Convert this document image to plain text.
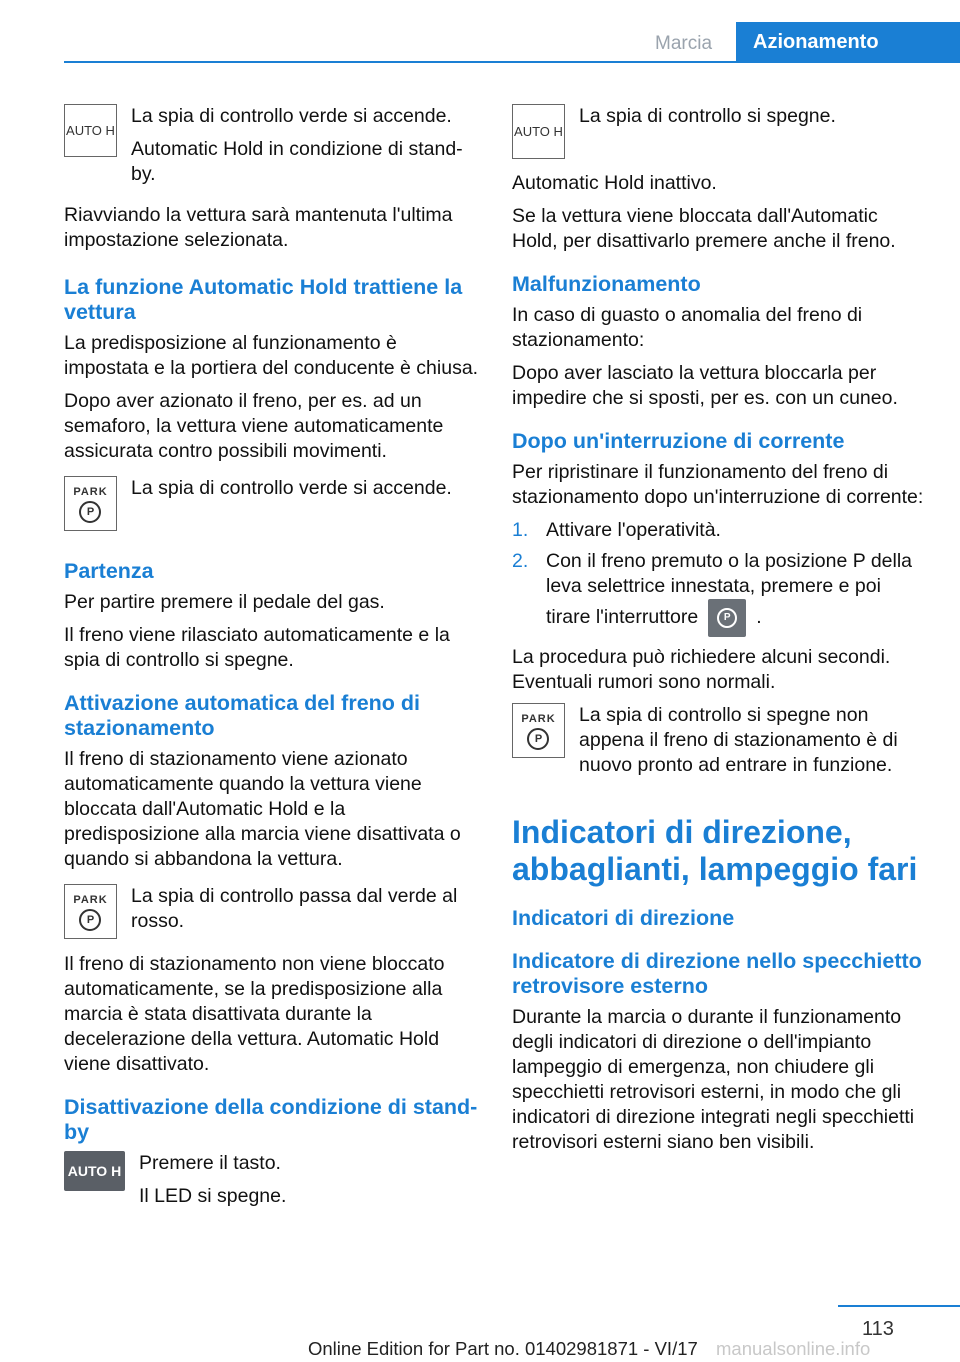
Marcia	Azionamento
AUTO H

La spia di controllo verde si accende.

Automatic Hold in condizione di stand-by.

Riavviando la vettura sarà mantenuta l'ultima impostazione selezionata.

La funzione Automatic Hold trattiene la vettura

La predisposizione al funzionamento è impostata e la portiera del conducente è chiusa.

Dopo aver azionato il freno, per es. ad un semaforo, la vettura viene automaticamente assicurata contro possibili movimenti.

PARK
P

La spia di controllo verde si accende.

Partenza

Per partire premere il pedale del gas.

Il freno viene rilasciato automaticamente e la spia di controllo si spegne.

Attivazione automatica del freno di stazionamento

Il freno di stazionamento viene azionato automaticamente quando la vettura viene bloccata dall'Automatic Hold e la predisposizione alla marcia viene disattivata o quando si abbandona la vettura.

PARK
P

La spia di controllo passa dal verde al rosso.

Il freno di stazionamento non viene bloccato automaticamente, se la predisposizione alla marcia è stata disattivata durante la decelerazione della vettura. Automatic Hold viene disattivato.

Disattivazione della condizione di stand-by
AUTO H Premere il tasto.

Il LED si spegne.

AUTO H

La spia di controllo si spegne.

Automatic Hold inattivo.

Se la vettura viene bloccata dall'Automatic Hold, per disattivarlo premere anche il freno.

Malfunzionamento

In caso di guasto o anomalia del freno di stazionamento:

Dopo aver lasciato la vettura bloccarla per impedire che si sposti, per es. con un cuneo.

Dopo un'interruzione di corrente

Per ripristinare il funzionamento del freno di stazionamento dopo un'interruzione di corrente:

1. Attivare l'operatività.
2. Con il freno premuto o la posizione P della leva selettrice innestata, premere e poi tirare l'interruttore	P	.

La procedura può richiedere alcuni secondi. Eventuali rumori sono normali.

PARK
P

La spia di controllo si spegne non appena il freno di stazionamento è di nuovo pronto ad entrare in funzione.

Indicatori di direzione, abbaglianti, lampeggio fari
Indicatori di direzione
Indicatore di direzione nello specchietto retrovisore esterno

Durante la marcia o durante il funzionamento degli indicatori di direzione o dell'impianto lampeggio di emergenza, non chiudere gli specchietti retrovisori esterni, in modo che gli indicatori di direzione integrati negli specchietti retrovisori esterni siano ben visibili.

113
Online Edition for Part no. 01402981871 - VI/17 manualsonline.info
